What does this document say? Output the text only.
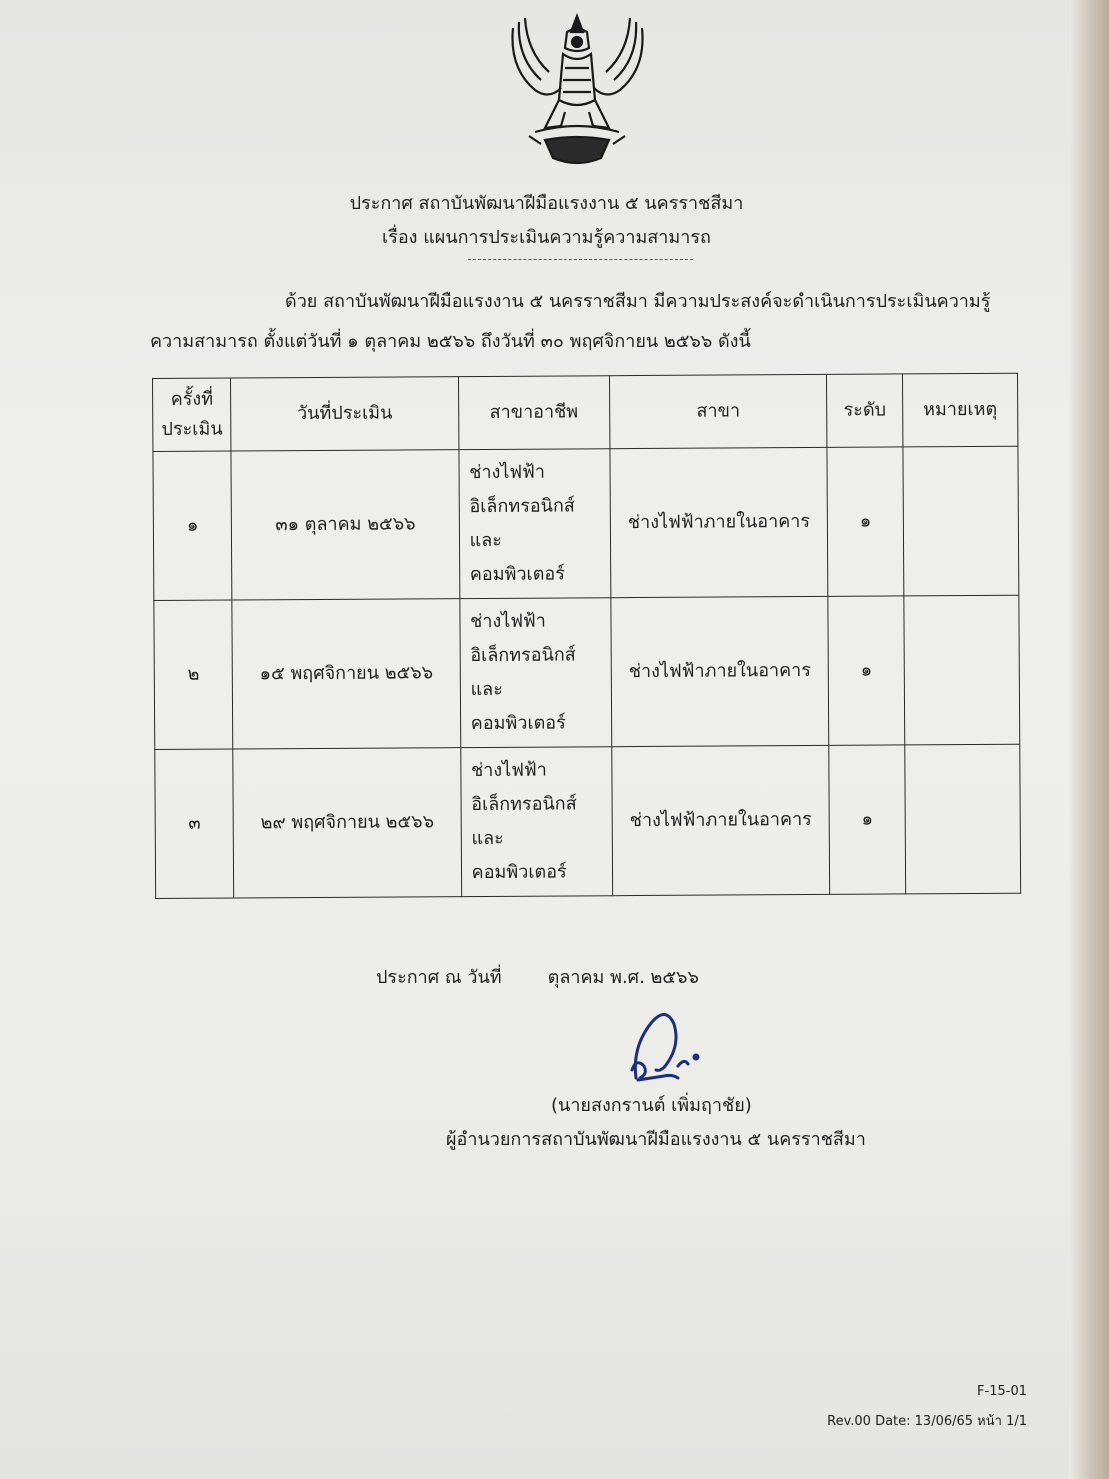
ประกาศ สถาบันพัฒนาฝีมือแรงงาน ๕ นครราชสีมา
เรื่อง แผนการประเมินความรู้ความสามารถ
ด้วย สถาบันพัฒนาฝีมือแรงงาน ๕ นครราชสีมา มีความประสงค์จะดำเนินการประเมินความรู้
ความสามารถ ตั้งแต่วันที่ ๑ ตุลาคม ๒๕๖๖ ถึงวันที่ ๓๐ พฤศจิกายน ๒๕๖๖ ดังนี้
ครั้งที่
ประเมิน	วันที่ประเมิน	สาขาอาชีพ	สาขา	ระดับ	หมายเหตุ
๑	๓๑ ตุลาคม ๒๕๖๖	ช่างไฟฟ้า
อิเล็กทรอนิกส์
และ
คอมพิวเตอร์	ช่างไฟฟ้าภายในอาคาร	๑	
๒	๑๕ พฤศจิกายน ๒๕๖๖	ช่างไฟฟ้า
อิเล็กทรอนิกส์
และ
คอมพิวเตอร์	ช่างไฟฟ้าภายในอาคาร	๑	
๓	๒๙ พฤศจิกายน ๒๕๖๖	ช่างไฟฟ้า
อิเล็กทรอนิกส์
และ
คอมพิวเตอร์	ช่างไฟฟ้าภายในอาคาร	๑	
ประกาศ ณ วันที่	ตุลาคม พ.ศ. ๒๕๖๖
(นายสงกรานต์ เพิ่มฤาชัย)
ผู้อำนวยการสถาบันพัฒนาฝีมือแรงงาน ๕ นครราชสีมา
F-15-01
Rev.00 Date: 13/06/65 หน้า 1/1
